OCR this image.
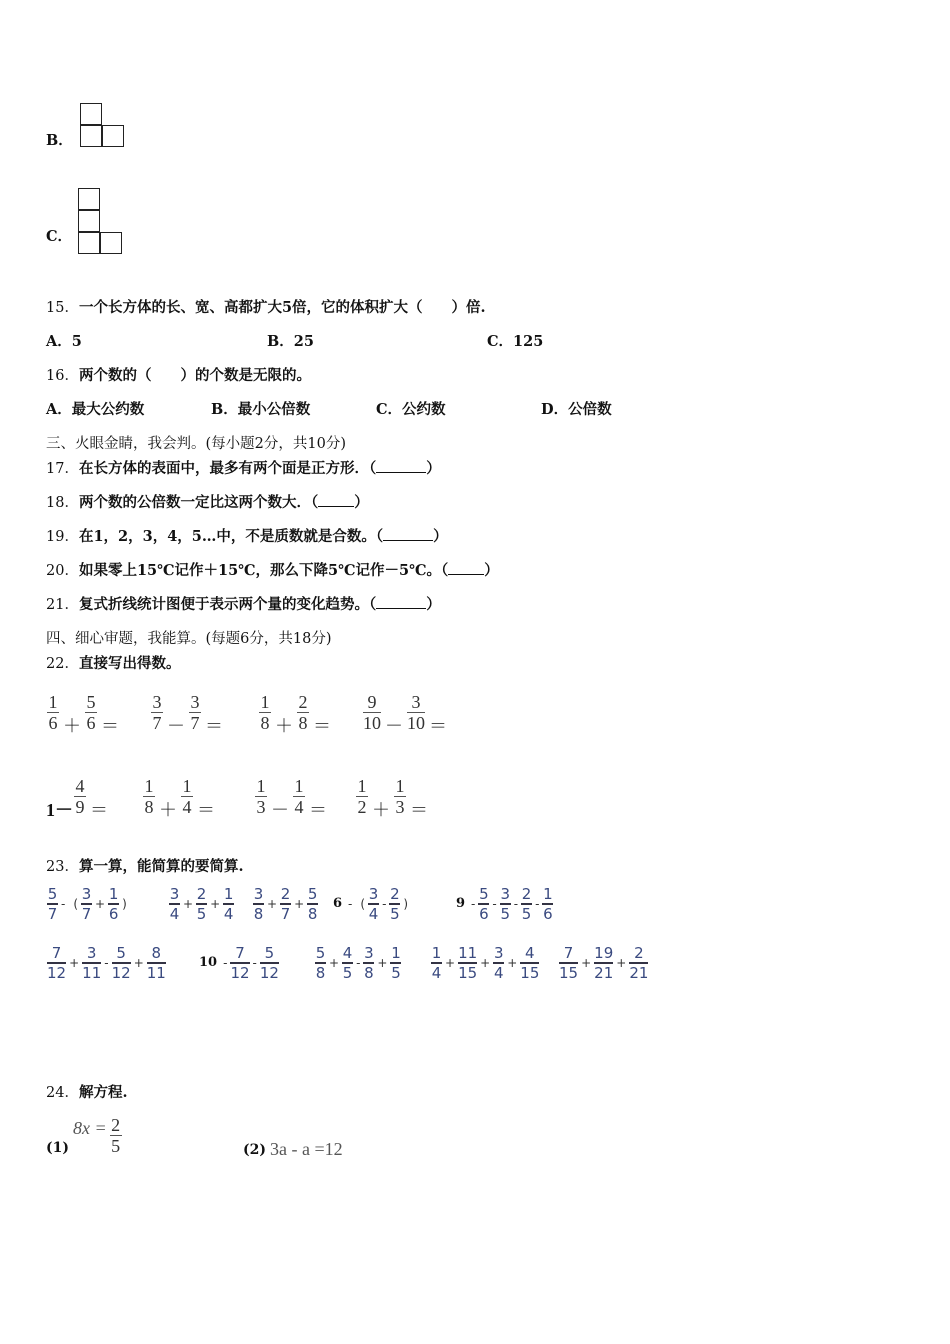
B．
C．
15．一个长方体的长、宽、高都扩大5倍，它的体积扩大（　　）倍.
A．5	B．25	C．125
16．两个数的（　　）的个数是无限的。
A．最大公约数	B．最小公倍数	C．公约数	D．公倍数
三、火眼金睛，我会判。(每小题2分，共10分)
17．在长方体的表面中，最多有两个面是正方形．（	）
18．两个数的公倍数一定比这两个数大．（ ）
19．在1，2，3，4，5…中，不是质数就是合数。（	）
20．如果零上15℃记作＋15℃，那么下降5℃记作－5℃。（ ）
21．复式折线统计图便于表示两个量的变化趋势。（	）
四、细心审题，我能算。(每题6分，共18分)
22．直接写出得数。
$\frac{1}{6} + \frac{5}{6} = \frac{3}{7} - \frac{3}{7} = \frac{1}{8} + \frac{2}{8} = \frac{9}{10} - \frac{3}{10}$ ＝
$1- \frac{4}{9} = \frac{1}{8} + \frac{1}{4} = \frac{1}{3} - \frac{1}{4} = \frac{1}{2} + \frac{1}{3}$ ＝
23．算一算，能简算的要简算.
5
7
- (
3
7
+
1
6
)
3
4
+
2
5
+
1
4
3
8
+
2
7
+
5
8
6 - (
3
4
-
2
5
)	9 -
5
6
-
3
5
-
2
5
-
1
6
7
12
+
3
11
-
5
12
+
8
11
10 -
7
12
-
5
12
5
8
+
4
5
-
3
8
+
1
5
1
4
+
11
15
+
3
4
+
4
15
7
15
+
19
21
+
2
21
24．解方程.
(1)
$8x = \frac{2}{5}$	(2) 3a - a =12
